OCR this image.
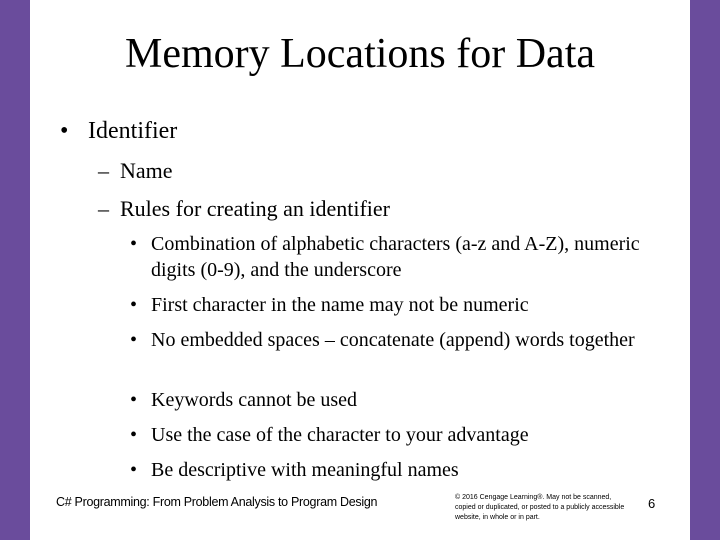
Memory Locations for Data
• Identifier
– Name
– Rules for creating an identifier
• Combination of alphabetic characters (a-z and A-Z), numeric digits (0-9), and the underscore
• First character in the name may not be numeric
• No embedded spaces – concatenate (append) words together
• Keywords cannot be used
• Use the case of the character to your advantage
• Be descriptive with meaningful names
C# Programming: From Problem Analysis to Program Design	© 2016 Cengage Learning®. May not be scanned, copied or duplicated, or posted to a publicly accessible website, in whole or in part.
6
